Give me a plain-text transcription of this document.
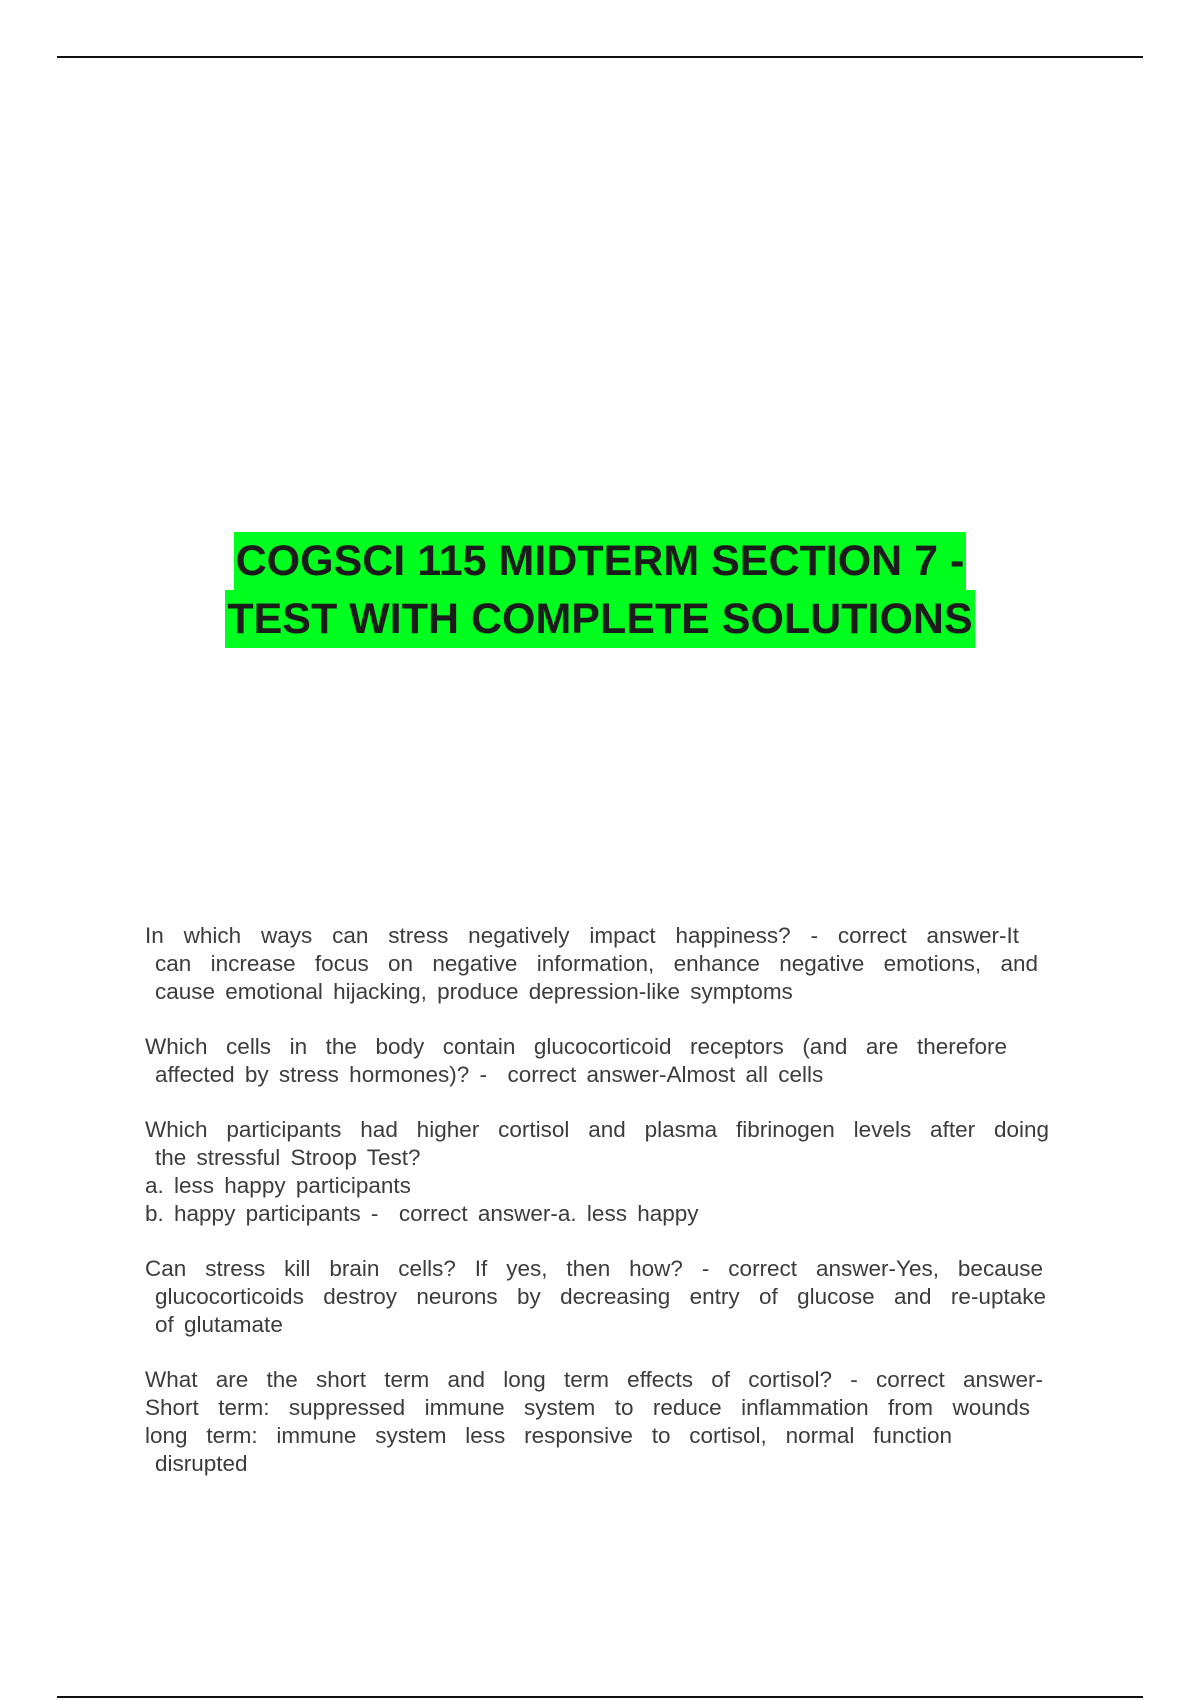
COGSCI 115 MIDTERM SECTION 7 -
TEST WITH COMPLETE SOLUTIONS
In which ways can stress negatively impact happiness? - correct answer-It
can increase focus on negative information, enhance negative emotions, and
cause emotional hijacking, produce depression-like symptoms
Which cells in the body contain glucocorticoid receptors (and are therefore
affected by stress hormones)? -  correct answer-Almost all cells
Which participants had higher cortisol and plasma fibrinogen levels after doing
the stressful Stroop Test?
a. less happy participants
b. happy participants -  correct answer-a. less happy
Can stress kill brain cells? If yes, then how? - correct answer-Yes, because
glucocorticoids destroy neurons by decreasing entry of glucose and re-uptake
of glutamate
What are the short term and long term effects of cortisol? - correct answer-
Short term: suppressed immune system to reduce inflammation from wounds
long term: immune system less responsive to cortisol, normal function
disrupted
